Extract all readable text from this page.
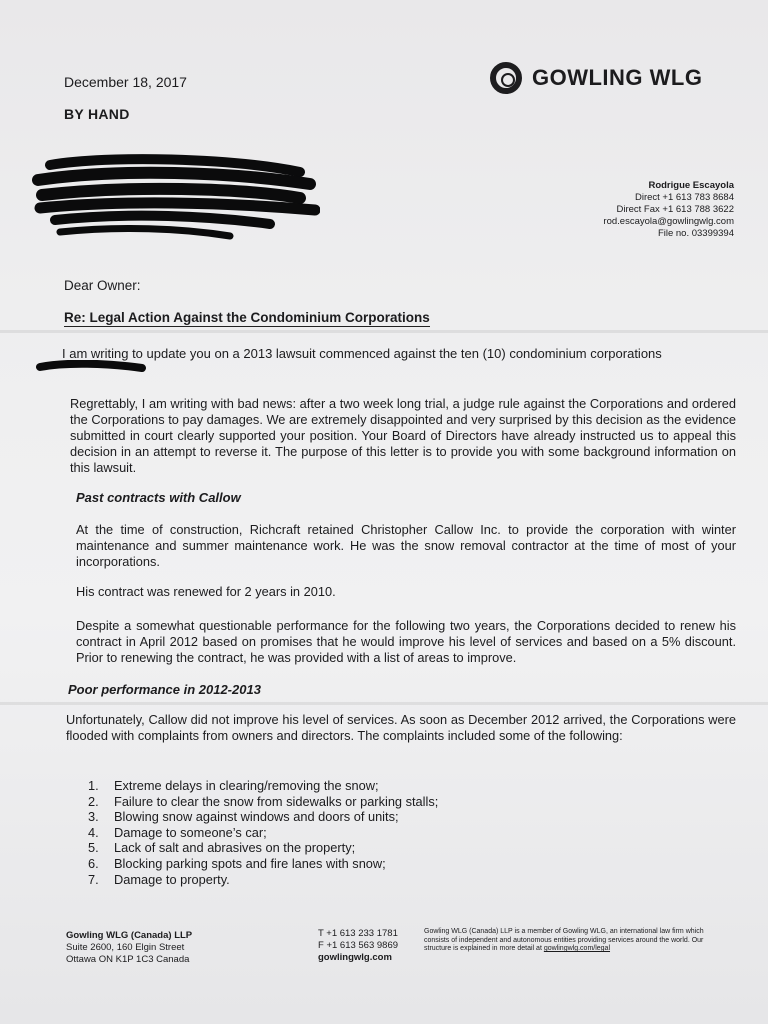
December 18, 2017
BY HAND
GOWLING WLG
Rodrigue Escayola
Direct +1 613 783 8684
Direct Fax +1 613 788 3622
rod.escayola@gowlingwlg.com
File no. 03399394
Dear Owner:
Re: Legal Action Against the Condominium Corporations
I am writing to update you on a 2013 lawsuit commenced against the ten (10) condominium corporations
Regrettably, I am writing with bad news: after a two week long trial, a judge rule against the Corporations and ordered the Corporations to pay damages. We are extremely disappointed and very surprised by this decision as the evidence submitted in court clearly supported your position. Your Board of Directors have already instructed us to appeal this decision in an attempt to reverse it. The purpose of this letter is to provide you with some background information on this lawsuit.
Past contracts with Callow
At the time of construction, Richcraft retained Christopher Callow Inc. to provide the corporation with winter maintenance and summer maintenance work. He was the snow removal contractor at the time of most of your incorporations.
His contract was renewed for 2 years in 2010.
Despite a somewhat questionable performance for the following two years, the Corporations decided to renew his contract in April 2012 based on promises that he would improve his level of services and based on a 5% discount. Prior to renewing the contract, he was provided with a list of areas to improve.
Poor performance in 2012-2013
Unfortunately, Callow did not improve his level of services. As soon as December 2012 arrived, the Corporations were flooded with complaints from owners and directors. The complaints included some of the following:
1.	Extreme delays in clearing/removing the snow;
2.	Failure to clear the snow from sidewalks or parking stalls;
3.	Blowing snow against windows and doors of units;
4.	Damage to someone’s car;
5.	Lack of salt and abrasives on the property;
6.	Blocking parking spots and fire lanes with snow;
7.	Damage to property.
Gowling WLG (Canada) LLP
Suite 2600, 160 Elgin Street
Ottawa ON K1P 1C3 Canada
T +1 613 233 1781
F +1 613 563 9869
gowlingwlg.com
Gowling WLG (Canada) LLP is a member of Gowling WLG, an international law firm which consists of independent and autonomous entities providing services around the world. Our structure is explained in more detail at gowlingwlg.com/legal
